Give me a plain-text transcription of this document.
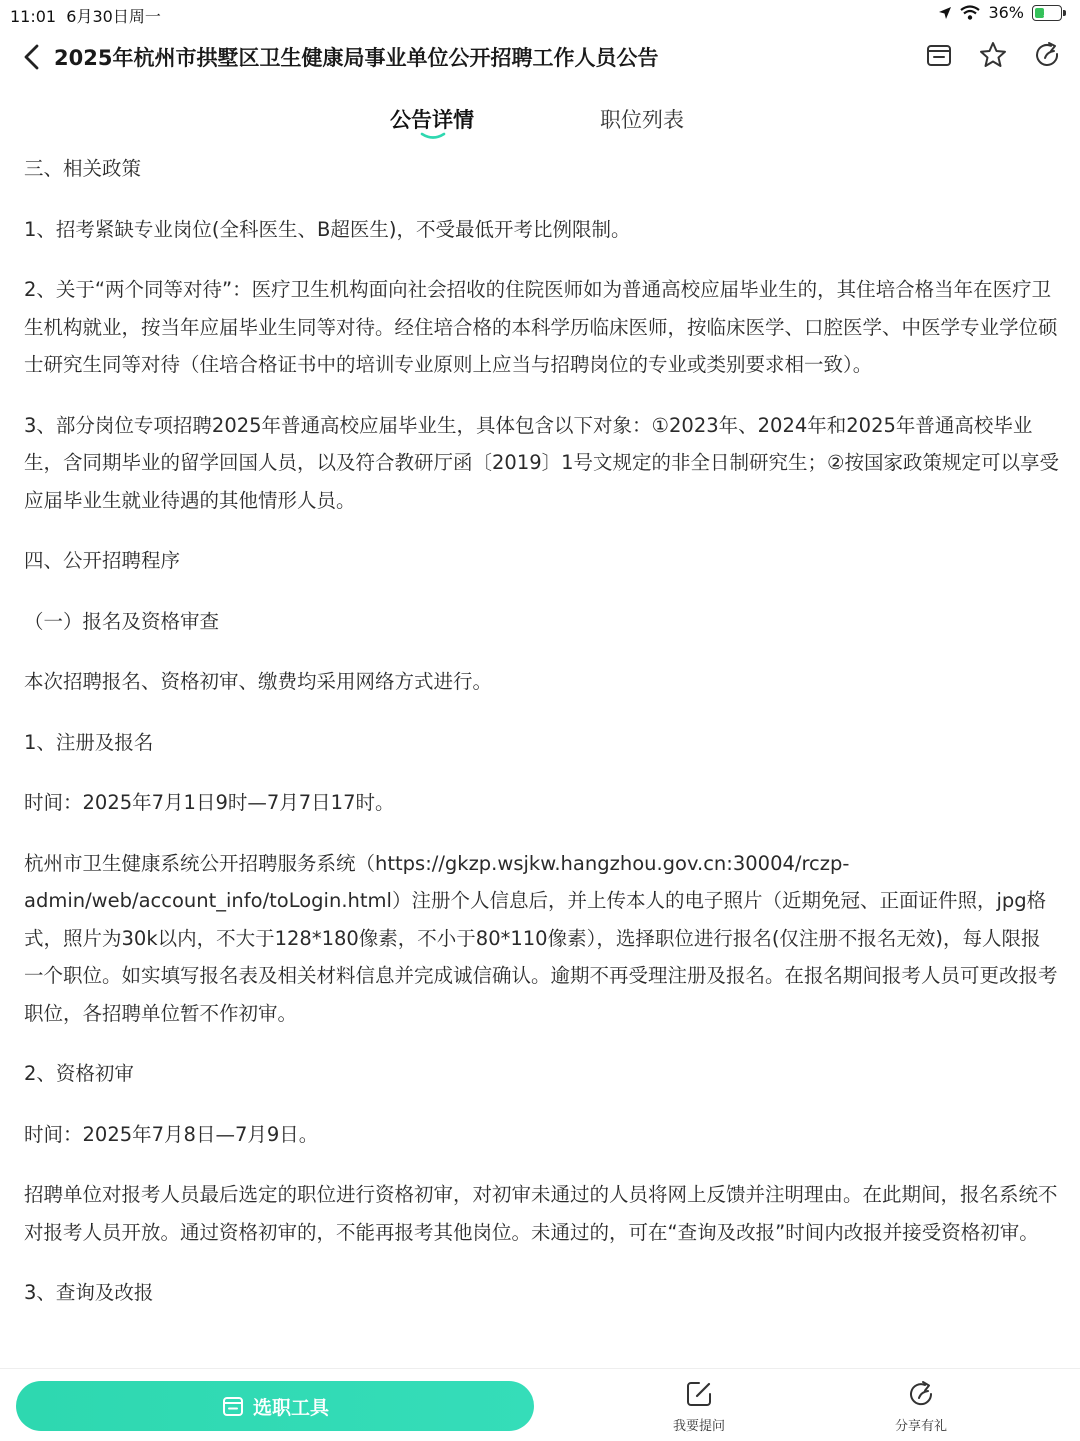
11:01 6月30日周一	36% ⚡
2025年杭州市拱墅区卫生健康局事业单位公开招聘工作人员公告
公告详情	职位列表

三、相关政策

1、招考紧缺专业岗位(全科医生、B超医生)，不受最低开考比例限制。

2、关于“两个同等对待”：医疗卫生机构面向社会招收的住院医师如为普通高校应届毕业生的，其住培合格当年在医疗卫生机构就业，按当年应届毕业生同等对待。经住培合格的本科学历临床医师，按临床医学、口腔医学、中医学专业学位硕士研究生同等对待（住培合格证书中的培训专业原则上应当与招聘岗位的专业或类别要求相一致）。

3、部分岗位专项招聘2025年普通高校应届毕业生，具体包含以下对象：①2023年、2024年和2025年普通高校毕业生，含同期毕业的留学回国人员，以及符合教研厅函〔2019〕1号文规定的非全日制研究生；②按国家政策规定可以享受应届毕业生就业待遇的其他情形人员。

四、公开招聘程序

（一）报名及资格审查

本次招聘报名、资格初审、缴费均采用网络方式进行。

1、注册及报名

时间：2025年7月1日9时—7月7日17时。

杭州市卫生健康系统公开招聘服务系统（https://gkzp.wsjkw.hangzhou.gov.cn:30004/rczp-admin/web/account_info/toLogin.html）注册个人信息后，并上传本人的电子照片（近期免冠、正面证件照，jpg格式，照片为30k以内，不大于128*180像素，不小于80*110像素），选择职位进行报名(仅注册不报名无效)，每人限报一个职位。如实填写报名表及相关材料信息并完成诚信确认。逾期不再受理注册及报名。在报名期间报考人员可更改报考职位，各招聘单位暂不作初审。

2、资格初审

时间：2025年7月8日—7月9日。

招聘单位对报考人员最后选定的职位进行资格初审，对初审未通过的人员将网上反馈并注明理由。在此期间，报名系统不对报考人员开放。通过资格初审的，不能再报考其他岗位。未通过的，可在“查询及改报”时间内改报并接受资格初审。

3、查询及改报

选职工具
我要提问	分享有礼
